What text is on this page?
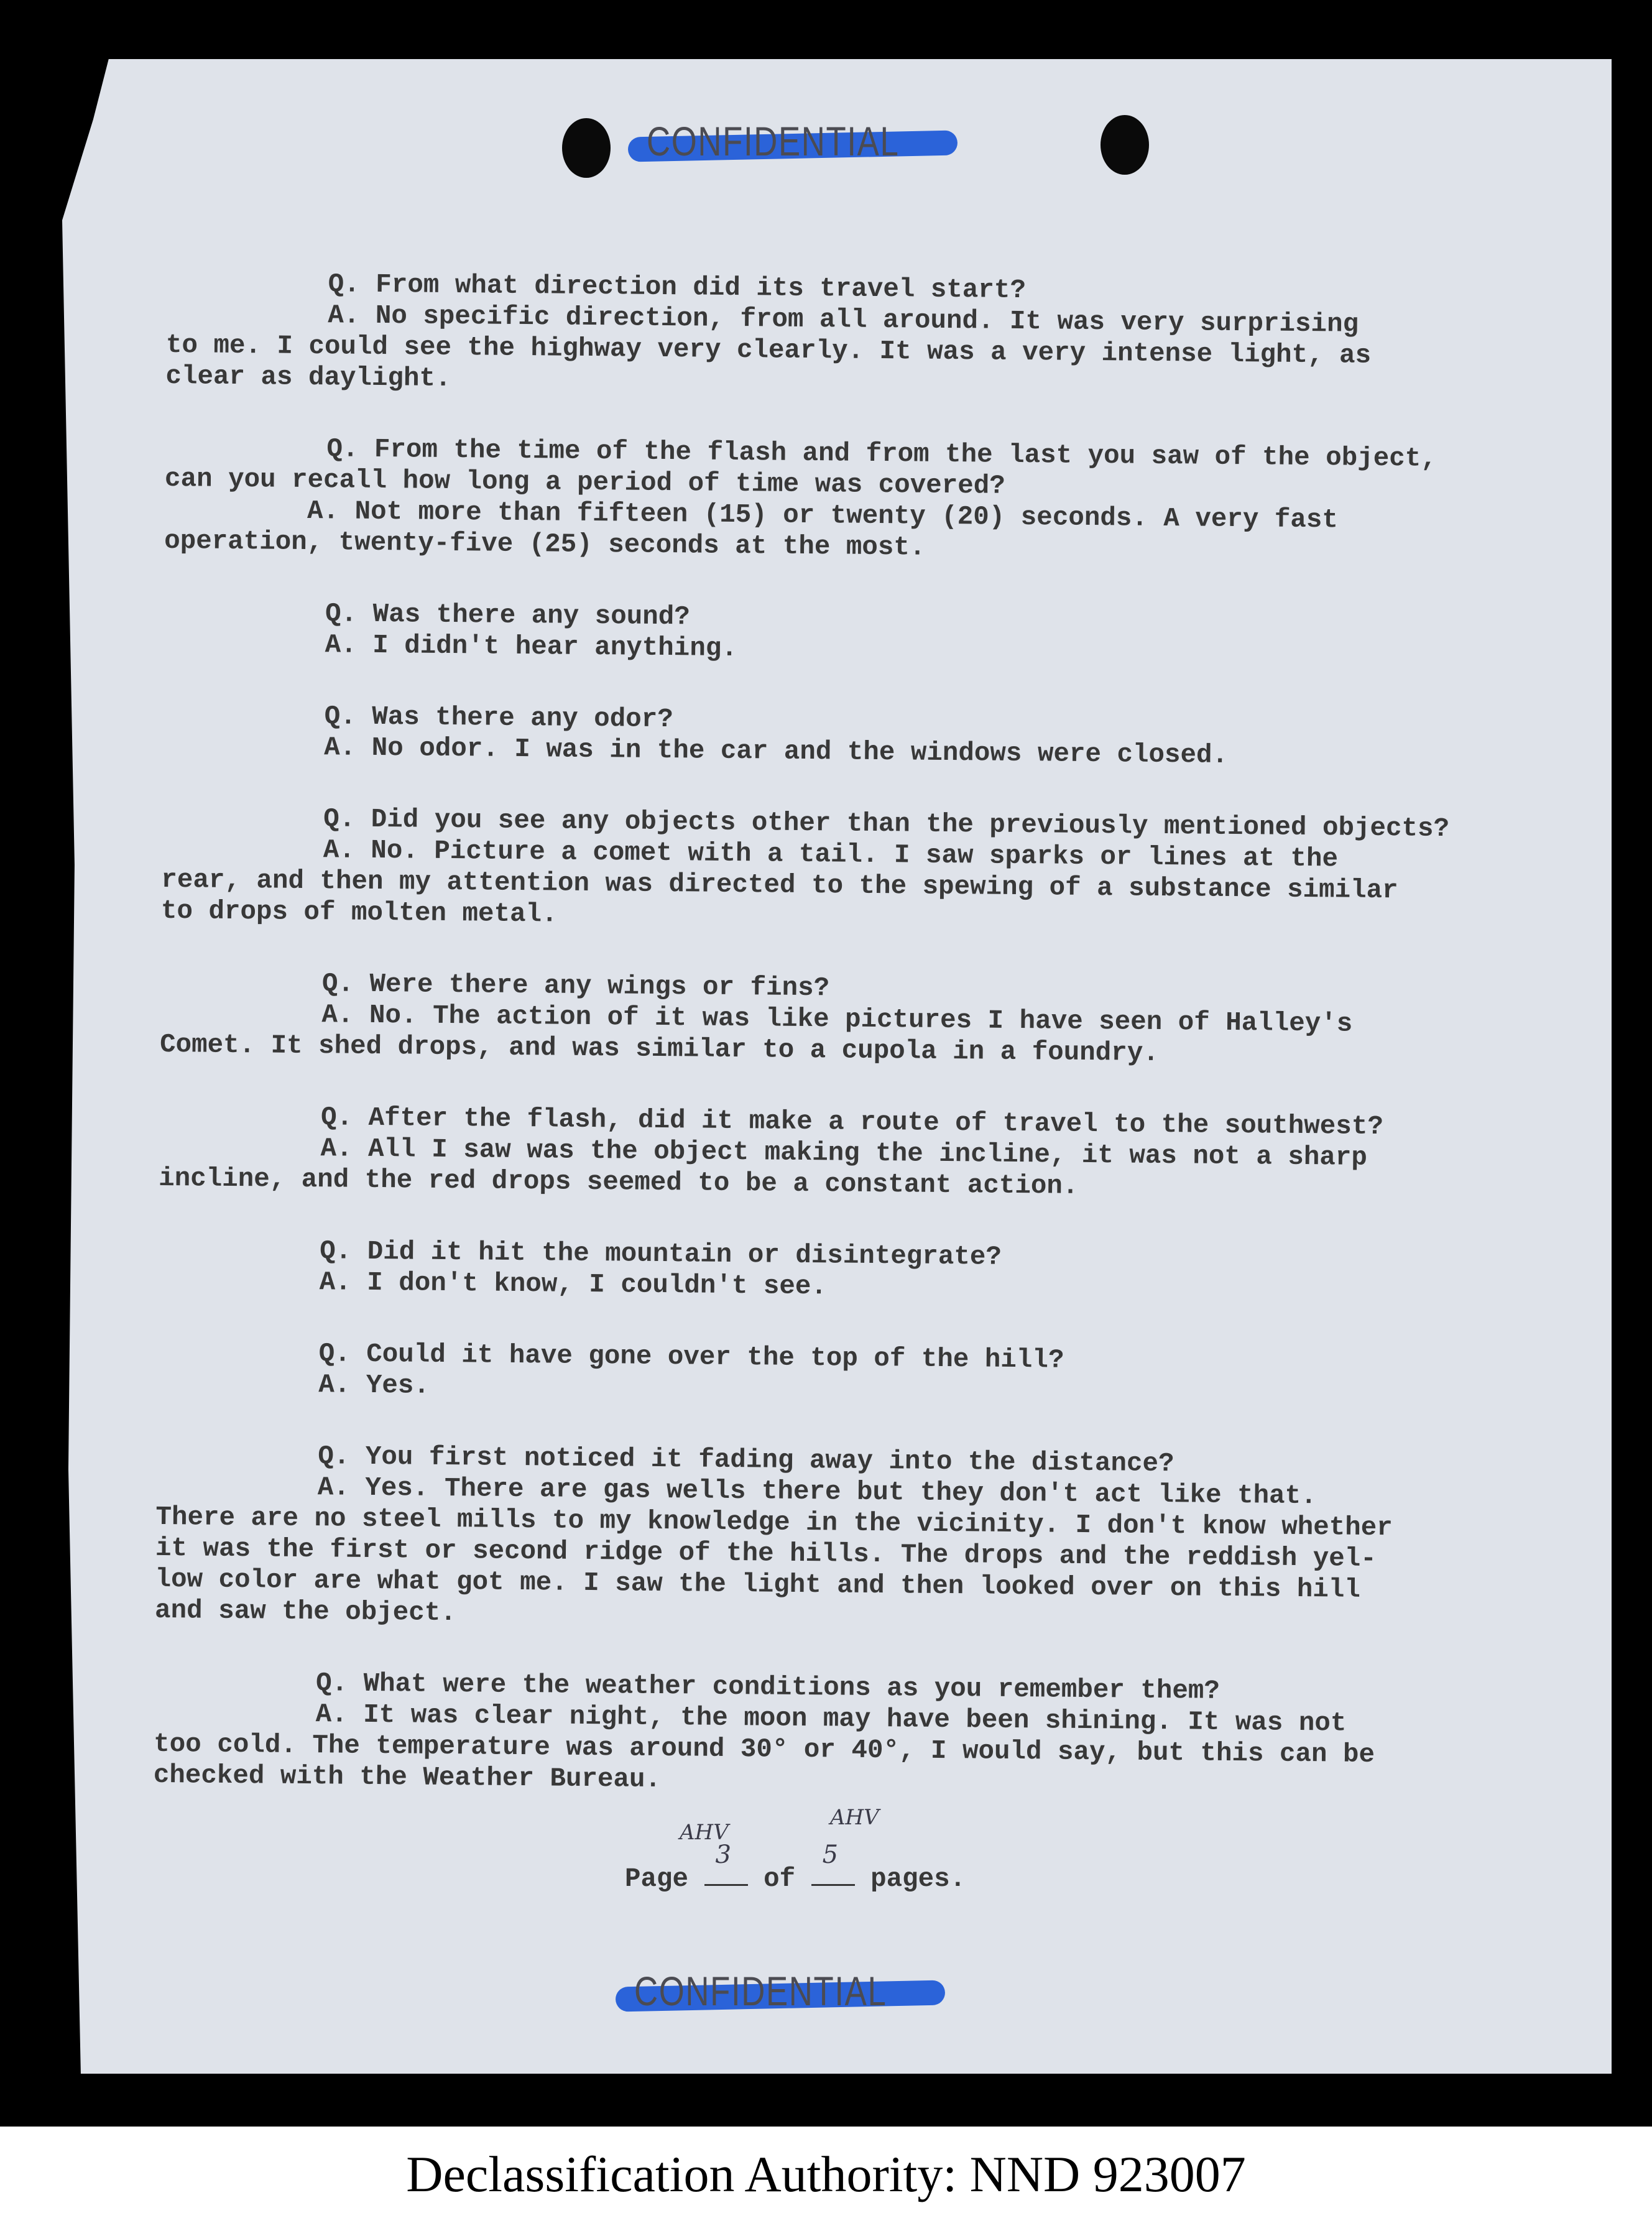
CONFIDENTIAL

Q. From what direction did its travel start?

A. No specific direction, from all around. It was very surprising

to me. I could see the highway very clearly. It was a very intense light, as
clear as daylight.

Q. From the time of the flash and from the last you saw of the object,

can you recall how long a period of time was covered?
A. Not more than fifteen (15) or twenty (20) seconds. A very fast
operation, twenty-five (25) seconds at the most.

Q. Was there any sound?

A. I didn't hear anything.

Q. Was there any odor?

A. No odor. I was in the car and the windows were closed.

Q. Did you see any objects other than the previously mentioned objects?

A. No. Picture a comet with a tail. I saw sparks or lines at the

rear, and then my attention was directed to the spewing of a substance similar
to drops of molten metal.

Q. Were there any wings or fins?

A. No. The action of it was like pictures I have seen of Halley's

Comet. It shed drops, and was similar to a cupola in a foundry.

Q. After the flash, did it make a route of travel to the southwest?

A. All I saw was the object making the incline, it was not a sharp

incline, and the red drops seemed to be a constant action.

Q. Did it hit the mountain or disintegrate?

A. I don't know, I couldn't see.

Q. Could it have gone over the top of the hill?

A. Yes.

Q. You first noticed it fading away into the distance?

A. Yes. There are gas wells there but they don't act like that.

There are no steel mills to my knowledge in the vicinity. I don't know whether
it was the first or second ridge of the hills. The drops and the reddish yel-
low color are what got me. I saw the light and then looked over on this hill
and saw the object.

Q. What were the weather conditions as you remember them?

A. It was clear night, the moon may have been shining. It was not

too cold. The temperature was around 30° or 40°, I would say, but this can be
checked with the Weather Bureau.

Page
3
of
5
pages.
AHV
AHV
CONFIDENTIAL
Declassification Authority: NND 923007
